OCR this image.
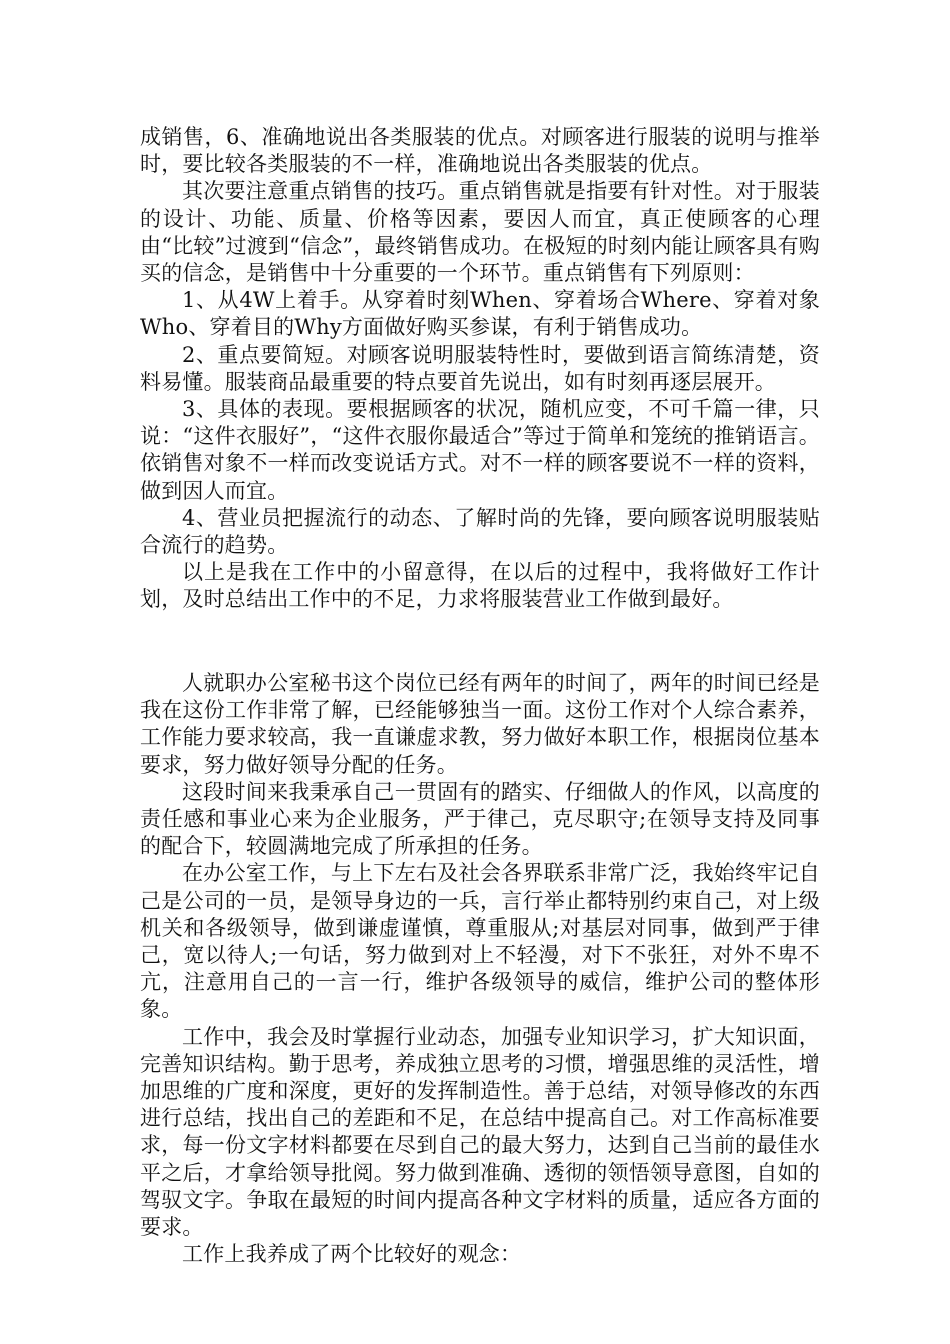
成销售，6、准确地说出各类服装的优点。对顾客进行服装的说明与推举时，要比较各类服装的不一样，准确地说出各类服装的优点。

其次要注意重点销售的技巧。重点销售就是指要有针对性。对于服装的设计、功能、质量、价格等因素，要因人而宜，真正使顾客的心理由“比较”过渡到“信念”，最终销售成功。在极短的时刻内能让顾客具有购买的信念，是销售中十分重要的一个环节。重点销售有下列原则：

1、从4W上着手。从穿着时刻When、穿着场合Where、穿着对象Who、穿着目的Why方面做好购买参谋，有利于销售成功。

2、重点要简短。对顾客说明服装特性时，要做到语言简练清楚，资料易懂。服装商品最重要的特点要首先说出，如有时刻再逐层展开。

3、具体的表现。要根据顾客的状况，随机应变，不可千篇一律，只说：“这件衣服好”，“这件衣服你最适合”等过于简单和笼统的推销语言。依销售对象不一样而改变说话方式。对不一样的顾客要说不一样的资料，做到因人而宜。

4、营业员把握流行的动态、了解时尚的先锋，要向顾客说明服装贴合流行的趋势。

以上是我在工作中的小留意得，在以后的过程中，我将做好工作计划，及时总结出工作中的不足，力求将服装营业工作做到最好。

人就职办公室秘书这个岗位已经有两年的时间了，两年的时间已经是我在这份工作非常了解，已经能够独当一面。这份工作对个人综合素养，工作能力要求较高，我一直谦虚求教，努力做好本职工作，根据岗位基本要求，努力做好领导分配的任务。

这段时间来我秉承自己一贯固有的踏实、仔细做人的作风，以高度的责任感和事业心来为企业服务，严于律己，克尽职守;在领导支持及同事的配合下，较圆满地完成了所承担的任务。

在办公室工作，与上下左右及社会各界联系非常广泛，我始终牢记自己是公司的一员，是领导身边的一兵，言行举止都特别约束自己，对上级机关和各级领导，做到谦虚谨慎，尊重服从;对基层对同事，做到严于律己，宽以待人;一句话，努力做到对上不轻漫，对下不张狂，对外不卑不亢，注意用自己的一言一行，维护各级领导的威信，维护公司的整体形象。

工作中，我会及时掌握行业动态，加强专业知识学习，扩大知识面，完善知识结构。勤于思考，养成独立思考的习惯，增强思维的灵活性，增加思维的广度和深度，更好的发挥制造性。善于总结，对领导修改的东西进行总结，找出自己的差距和不足，在总结中提高自己。对工作高标准要求，每一份文字材料都要在尽到自己的最大努力，达到自己当前的最佳水平之后，才拿给领导批阅。努力做到准确、透彻的领悟领导意图，自如的驾驭文字。争取在最短的时间内提高各种文字材料的质量，适应各方面的要求。

工作上我养成了两个比较好的观念：
